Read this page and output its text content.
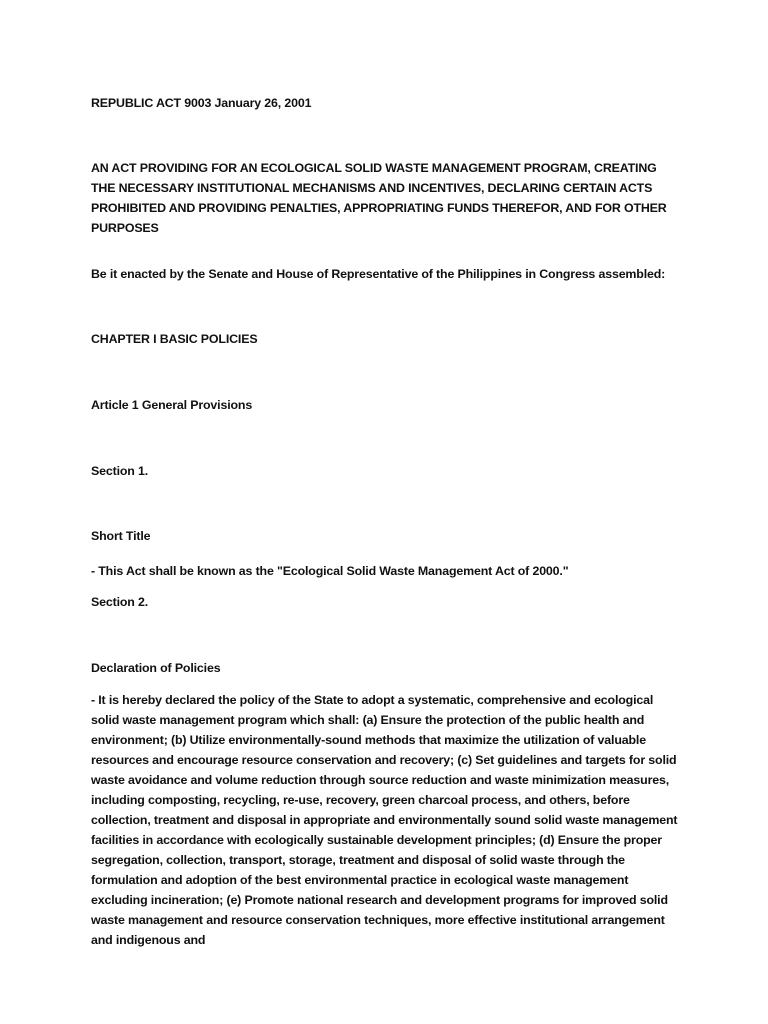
REPUBLIC ACT 9003 January 26, 2001

AN ACT PROVIDING FOR AN ECOLOGICAL SOLID WASTE MANAGEMENT PROGRAM, CREATING THE NECESSARY INSTITUTIONAL MECHANISMS AND INCENTIVES, DECLARING CERTAIN ACTS PROHIBITED AND PROVIDING PENALTIES, APPROPRIATING FUNDS THEREFOR, AND FOR OTHER PURPOSES

Be it enacted by the Senate and House of Representative of the Philippines in Congress assembled:

CHAPTER I BASIC POLICIES

Article 1 General Provisions

Section 1.

Short Title

- This Act shall be known as the "Ecological Solid Waste Management Act of 2000."

Section 2.

Declaration of Policies

- It is hereby declared the policy of the State to adopt a systematic, comprehensive and ecological solid waste management program which shall: (a) Ensure the protection of the public health and environment; (b) Utilize environmentally-sound methods that maximize the utilization of valuable resources and encourage resource conservation and recovery; (c) Set guidelines and targets for solid waste avoidance and volume reduction through source reduction and waste minimization measures, including composting, recycling, re-use, recovery, green charcoal process, and others, before collection, treatment and disposal in appropriate and environmentally sound solid waste management facilities in accordance with ecologically sustainable development principles; (d) Ensure the proper segregation, collection, transport, storage, treatment and disposal of solid waste through the formulation and adoption of the best environmental practice in ecological waste management excluding incineration; (e) Promote national research and development programs for improved solid waste management and resource conservation techniques, more effective institutional arrangement and indigenous and
